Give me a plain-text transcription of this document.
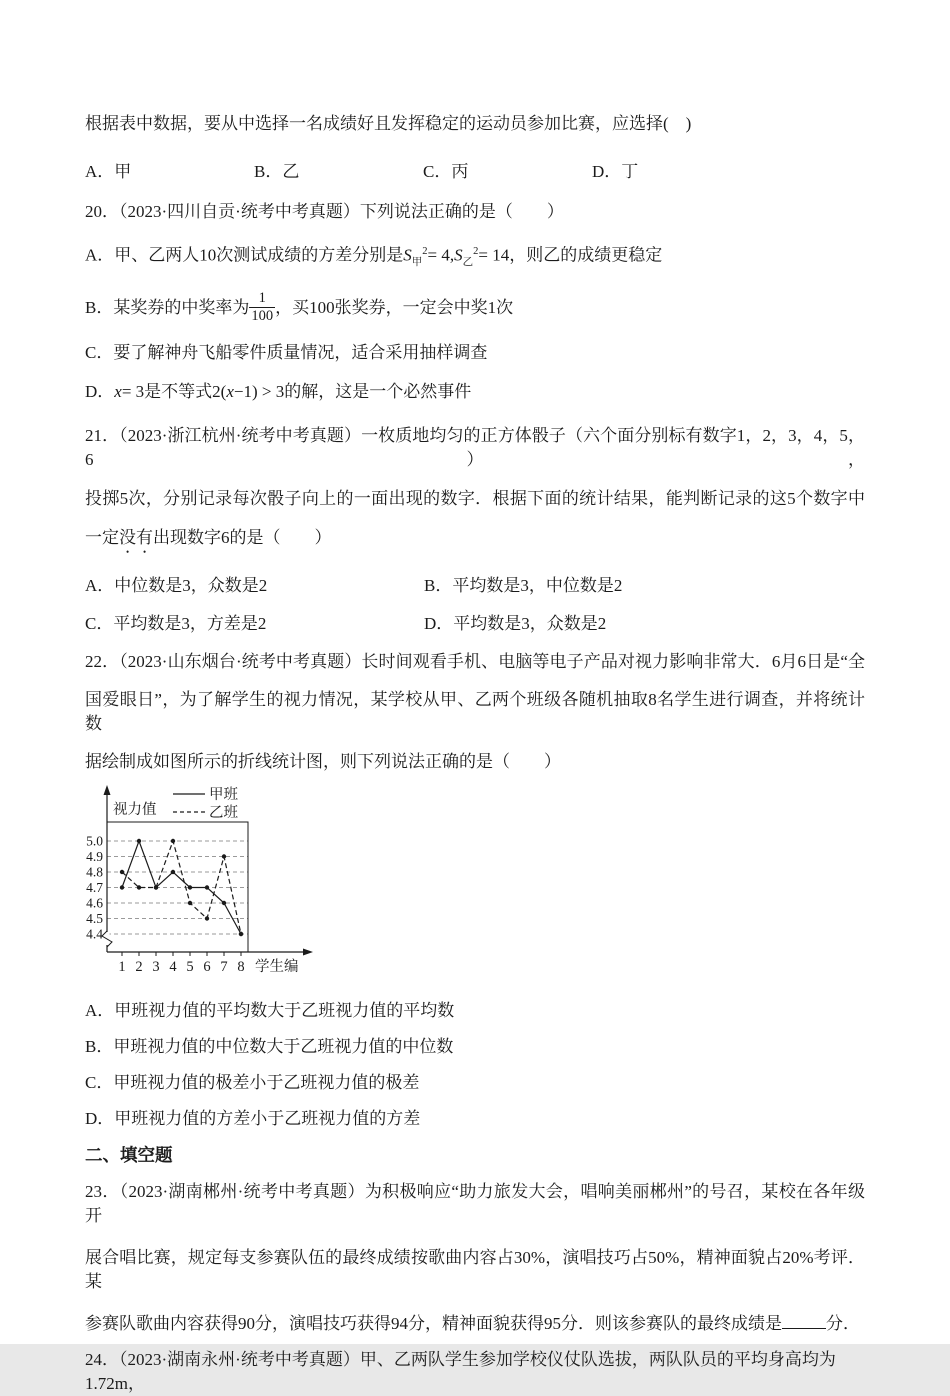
根据表中数据，要从中选择一名成绩好且发挥稳定的运动员参加比赛，应选择(　)
A．甲	B．乙	C．丙	D．丁
20．（2023·四川自贡·统考中考真题）下列说法正确的是（　　）
A．甲、乙两人10次测试成绩的方差分别是$S_甲^2= 4,S_乙^2= 14$，则乙的成绩更稳定
B．某奖券的中奖率为 $\frac{1}{100}$ ，买100张奖券，一定会中奖1次
C．要了解神舟飞船零件质量情况，适合采用抽样调查
D．x= 3是不等式2(x−1) > 3的解，这是一个必然事件
21．（2023·浙江杭州·统考中考真题）一枚质地均匀的正方体骰子（六个面分别标有数字1，2，3，4，5，6），
投掷5次，分别记录每次骰子向上的一面出现的数字．根据下面的统计结果，能判断记录的这5个数字中
一定没有出现数字6的是（　　）
A．中位数是3，众数是2	B．平均数是3，中位数是2
C．平均数是3，方差是2	D．平均数是3，众数是2
22．（2023·山东烟台·统考中考真题）长时间观看手机、电脑等电子产品对视力影响非常大．6月6日是“全
国爱眼日”，为了解学生的视力情况，某学校从甲、乙两个班级各随机抽取8名学生进行调查，并将统计数
据绘制成如图所示的折线统计图，则下列说法正确的是（　　）
5.0
4.9
4.8
4.7
4.6
4.5
4.4
1 2 3 4 5 6 7 8 学生编
视力值
甲班
乙班
A．甲班视力值的平均数大于乙班视力值的平均数
B．甲班视力值的中位数大于乙班视力值的中位数
C．甲班视力值的极差小于乙班视力值的极差
D．甲班视力值的方差小于乙班视力值的方差
二、填空题
23．（2023·湖南郴州·统考中考真题）为积极响应“助力旅发大会，唱响美丽郴州”的号召，某校在各年级开
展合唱比赛，规定每支参赛队伍的最终成绩按歌曲内容占30%，演唱技巧占50%，精神面貌占20%考评．某
参赛队歌曲内容获得90分，演唱技巧获得94分，精神面貌获得95分．则该参赛队的最终成绩是	分．
24．（2023·湖南永州·统考中考真题）甲、乙两队学生参加学校仪仗队选拔，两队队员的平均身高均为1.72m，
